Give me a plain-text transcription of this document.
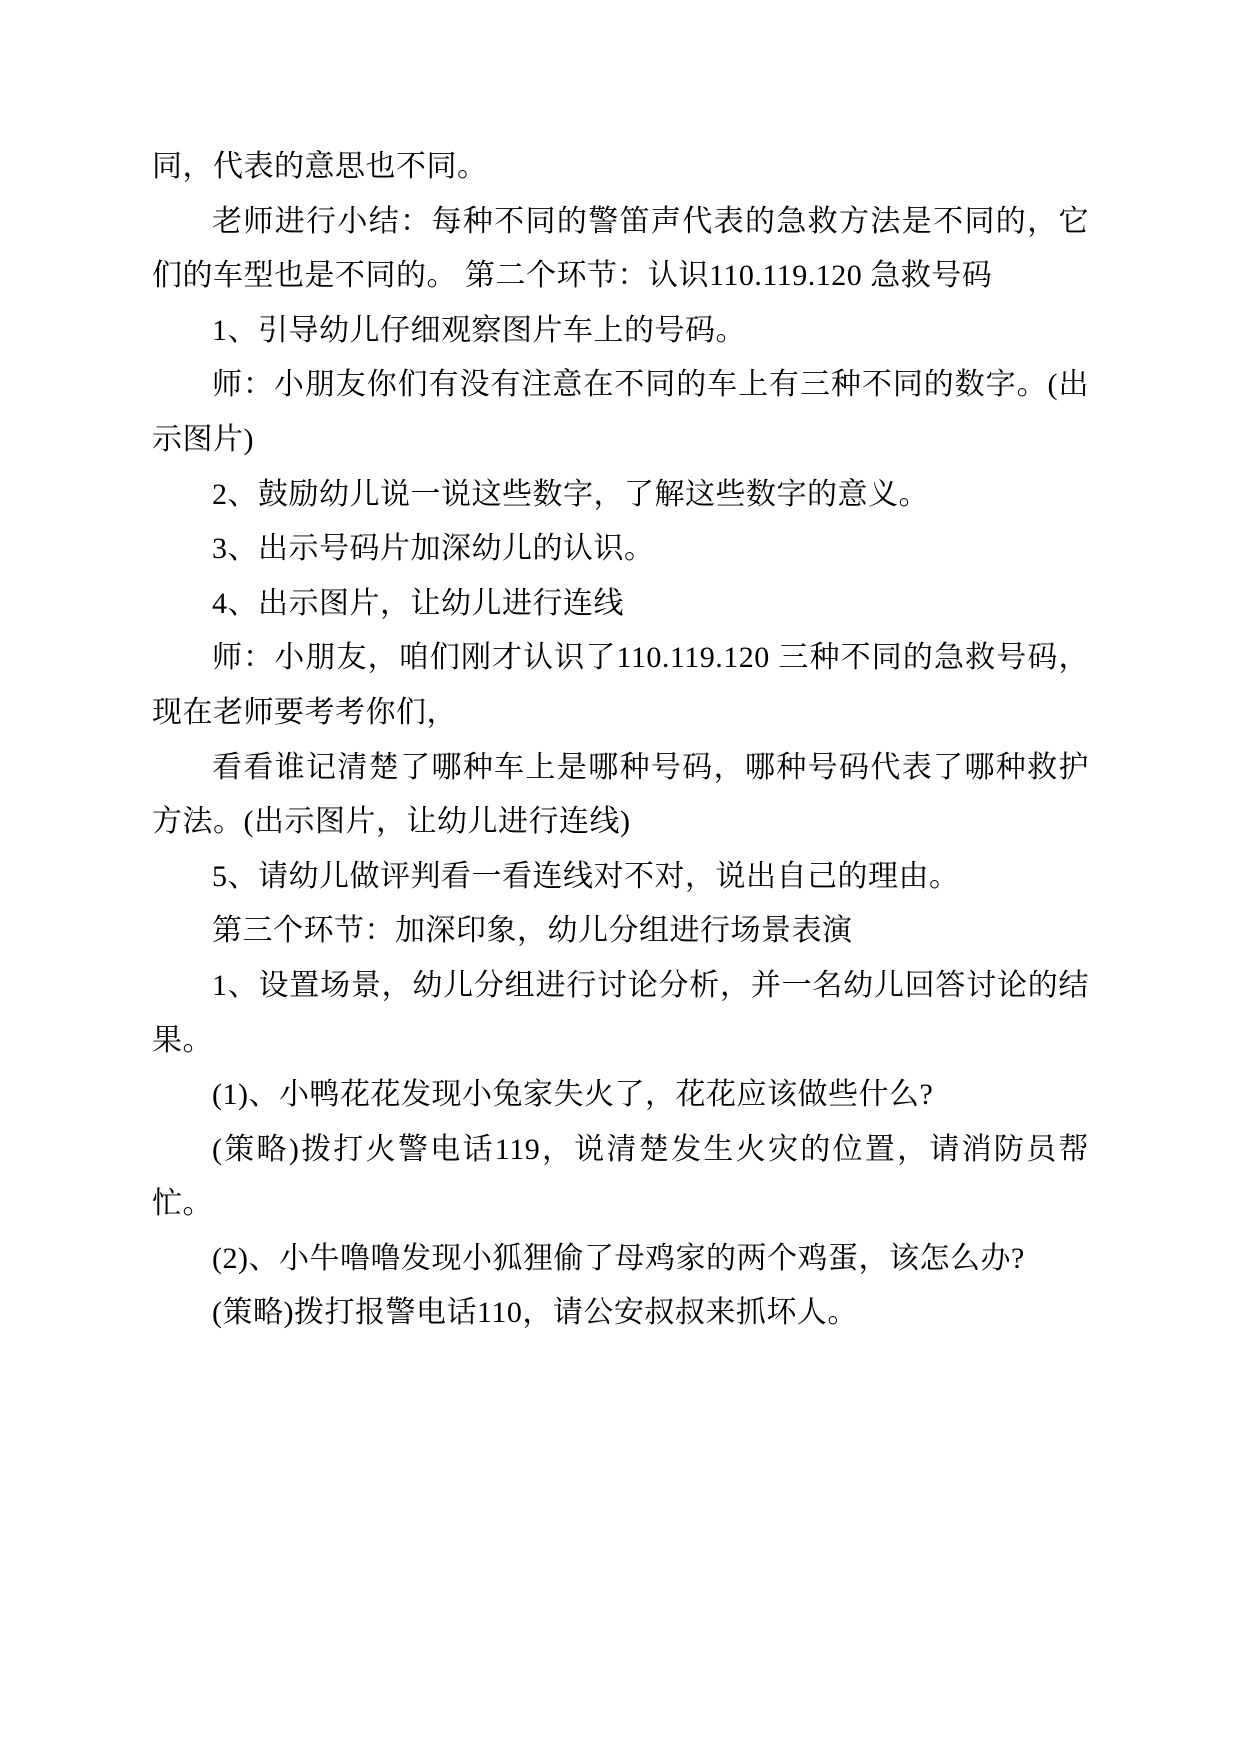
同，代表的意思也不同。

老师进行小结：每种不同的警笛声代表的急救方法是不同的，它们的车型也是不同的。 第二个环节：认识110.119.120 急救号码

1、引导幼儿仔细观察图片车上的号码。

师：小朋友你们有没有注意在不同的车上有三种不同的数字。(出示图片)

2、鼓励幼儿说一说这些数字，了解这些数字的意义。

3、出示号码片加深幼儿的认识。

4、出示图片，让幼儿进行连线

师：小朋友，咱们刚才认识了110.119.120 三种不同的急救号码，现在老师要考考你们，

看看谁记清楚了哪种车上是哪种号码，哪种号码代表了哪种救护方法。(出示图片，让幼儿进行连线)

5、请幼儿做评判看一看连线对不对，说出自己的理由。

第三个环节：加深印象，幼儿分组进行场景表演

1、设置场景，幼儿分组进行讨论分析，并一名幼儿回答讨论的结果。

(1)、小鸭花花发现小兔家失火了，花花应该做些什么?

(策略)拨打火警电话119，说清楚发生火灾的位置，请消防员帮忙。

(2)、小牛噜噜发现小狐狸偷了母鸡家的两个鸡蛋，该怎么办?

(策略)拨打报警电话110，请公安叔叔来抓坏人。
